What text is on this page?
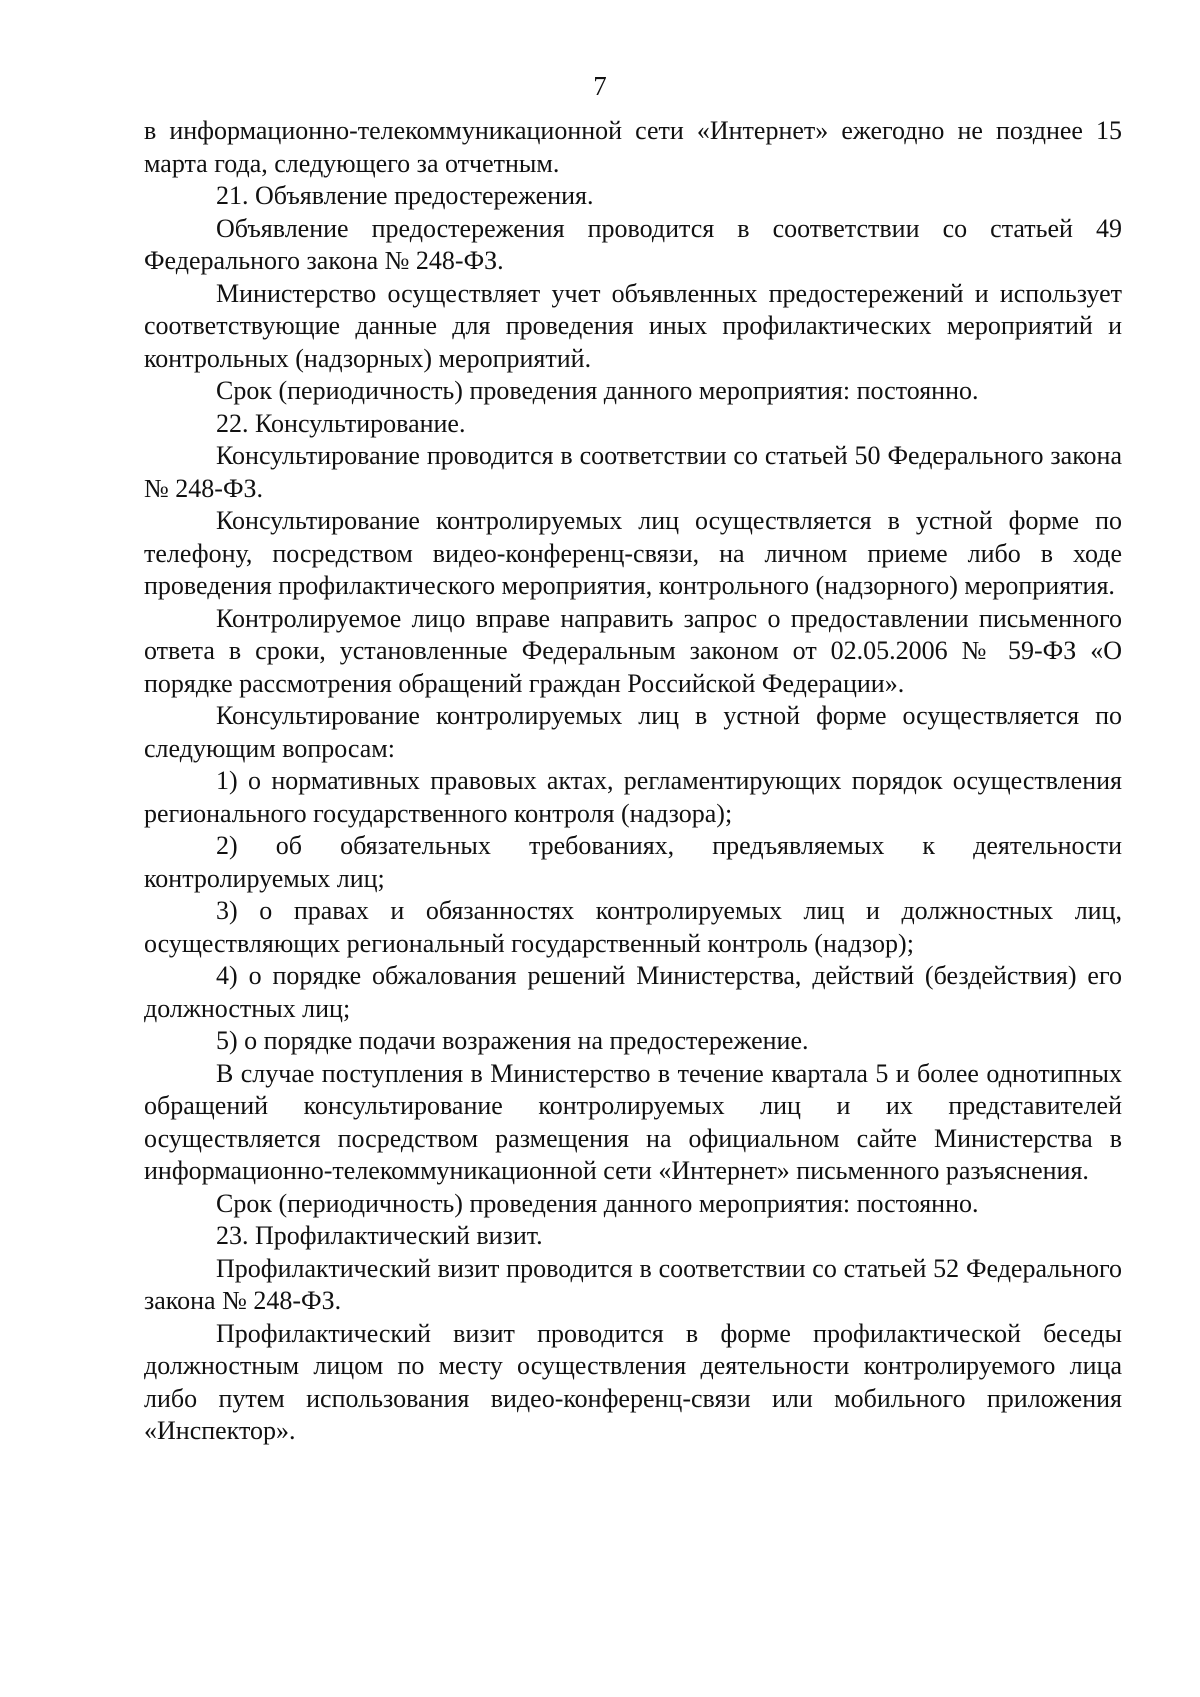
7

в информационно-телекоммуникационной сети «Интернет» ежегодно не позднее 15 марта года, следующего за отчетным.

21. Объявление предостережения.

Объявление предостережения проводится в соответствии со статьей 49 Федерального закона № 248-ФЗ.

Министерство осуществляет учет объявленных предостережений и использует соответствующие данные для проведения иных профилактических мероприятий и контрольных (надзорных) мероприятий.

Срок (периодичность) проведения данного мероприятия: постоянно.

22. Консультирование.

Консультирование проводится в соответствии со статьей 50 Федерального закона № 248-ФЗ.

Консультирование контролируемых лиц осуществляется в устной форме по телефону, посредством видео-конференц-связи, на личном приеме либо в ходе проведения профилактического мероприятия, контрольного (надзорного) мероприятия.

Контролируемое лицо вправе направить запрос о предоставлении письменного ответа в сроки, установленные Федеральным законом от 02.05.2006 № 59-ФЗ «О порядке рассмотрения обращений граждан Российской Федерации».

Консультирование контролируемых лиц в устной форме осуществляется по следующим вопросам:

1) о нормативных правовых актах, регламентирующих порядок осуществления регионального государственного контроля (надзора);

2) об обязательных требованиях, предъявляемых к деятельности контролируемых лиц;

3) о правах и обязанностях контролируемых лиц и должностных лиц, осуществляющих региональный государственный контроль (надзор);

4) о порядке обжалования решений Министерства, действий (бездействия) его должностных лиц;

5) о порядке подачи возражения на предостережение.

В случае поступления в Министерство в течение квартала 5 и более однотипных обращений консультирование контролируемых лиц и их представителей осуществляется посредством размещения на официальном сайте Министерства в информационно-телекоммуникационной сети «Интернет» письменного разъяснения.

Срок (периодичность) проведения данного мероприятия: постоянно.

23. Профилактический визит.

Профилактический визит проводится в соответствии со статьей 52 Федерального закона № 248-ФЗ.

Профилактический визит проводится в форме профилактической беседы должностным лицом по месту осуществления деятельности контролируемого лица либо путем использования видео-конференц-связи или мобильного приложения «Инспектор».
